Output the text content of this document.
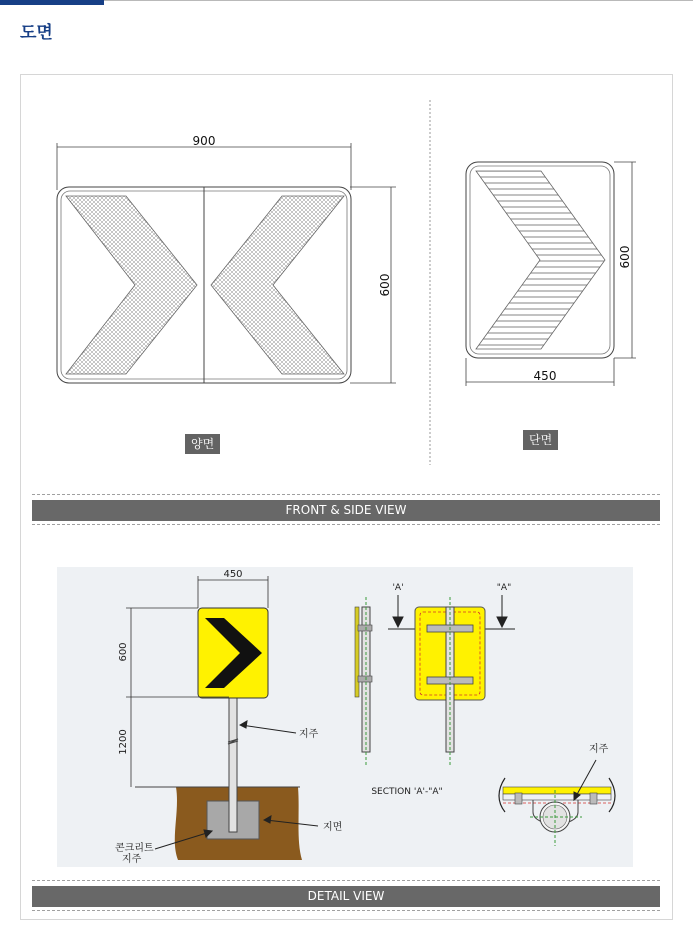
도면
900
600
600
450
양면	단면
FRONT & SIDE VIEW
450
600
1200	지주
지면
콘크리트
지주
'A'	"A"
SECTION 'A'-"A"
지주
DETAIL VIEW
